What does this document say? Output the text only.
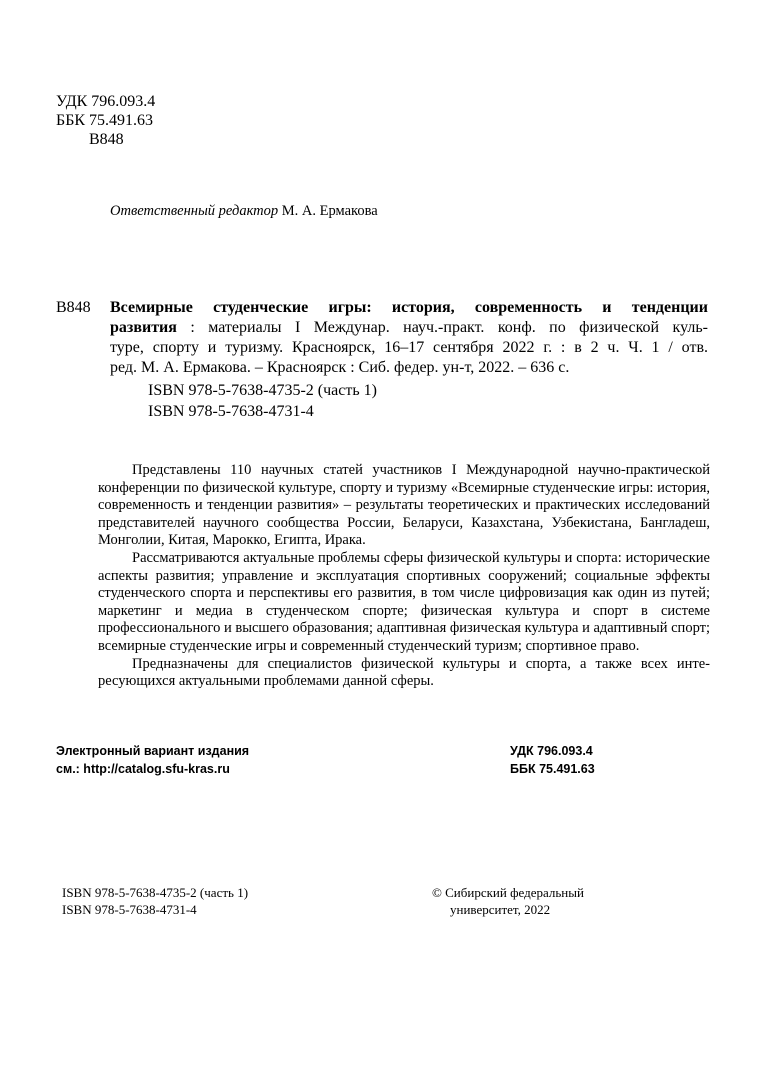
УДК 796.093.4
ББК 75.491.63
В848
Ответственный редактор М. А. Ермакова
В848 Всемирные студенческие игры: история, современность и тенденции
развития : материалы I Междунар. науч.-практ. конф. по физической куль-
туре, спорту и туризму. Красноярск, 16–17 сентября 2022 г. : в 2 ч. Ч. 1 / отв.
ред. М. А. Ермакова. – Красноярск : Сиб. федер. ун-т, 2022. – 636 с.
ISBN 978-5-7638-4735-2 (часть 1)
ISBN 978-5-7638-4731-4

Представлены 110 научных статей участников I Международной научно-практической конференции по физической культуре, спорту и туризму «Всемирные студенческие игры: история, современность и тенденции развития» – результаты теоретических и практических исследований представителей научного сообщества России, Беларуси, Казахстана, Узбекистана, Бангладеш, Монголии, Китая, Марокко, Египта, Ирака.

Рассматриваются актуальные проблемы сферы физической культуры и спорта: исторические аспекты развития; управление и эксплуатация спортивных сооружений; социальные эффекты студенческого спорта и перспективы его развития, в том числе цифровизация как один из путей; маркетинг и медиа в студенческом спорте; физическая культура и спорт в системе профессионального и высшего образования; адаптивная физическая культура и адаптивный спорт; всемирные студенческие игры и современный студенческий туризм; спортивное право.

Предназначены для специалистов физической культуры и спорта, а также всех интересующихся актуальными проблемами данной сферы.

Электронный вариант издания
см.: http://catalog.sfu-kras.ru
УДК 796.093.4
ББК 75.491.63
ISBN 978-5-7638-4735-2 (часть 1)
ISBN 978-5-7638-4731-4
© Сибирский федеральный
университет, 2022
